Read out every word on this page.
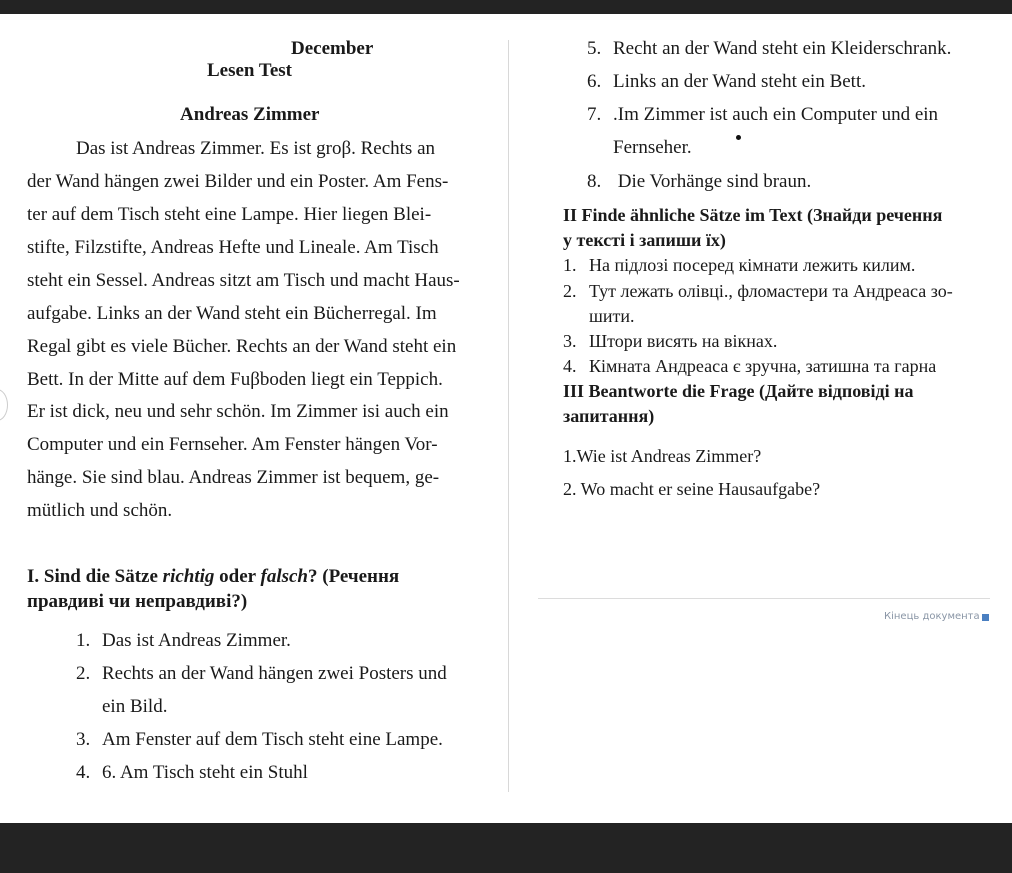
December
Lesen Test
Andreas Zimmer
Das ist Andreas Zimmer. Es ist groβ. Rechts an
der Wand hängen zwei Bilder und ein Poster. Am Fens-
ter auf dem Tisch steht eine Lampe. Hier liegen Blei-
stifte, Filzstifte, Andreas Hefte und Lineale. Am Tisch
steht ein Sessel. Andreas sitzt am Tisch und macht Haus-
aufgabe. Links an der Wand steht ein Bücherregal. Im
Regal gibt es viele Bücher. Rechts an der Wand steht ein
Bett. In der Mitte auf dem Fuβboden liegt ein Teppich.
Er ist dick, neu und sehr schön. Im Zimmer isi auch ein
Computer und ein Fernseher. Am Fenster hängen Vor-
hänge. Sie sind blau. Andreas Zimmer ist bequem, ge-
mütlich und schön.
I. Sind die Sätze richtig oder falsch? (Речення
правдиві чи неправдиві?)
1. Das ist Andreas Zimmer.
2. Rechts an der Wand hängen zwei Posters und
ein Bild.
3. Am Fenster auf dem Tisch steht eine Lampe.
4. 6. Am Tisch steht ein Stuhl
5. Recht an der Wand steht ein Kleiderschrank.
6. Links an der Wand steht ein Bett.
7. .Im Zimmer ist auch ein Computer und ein
Fernseher.
8. Die Vorhänge sind braun.
II Finde ähnliche Sätze im Text (Знайди речення
у тексті і запиши їх)
1. На підлозі посеред кімнати лежить килим.
2. Тут лежать олівці., фломастери та Андреаса зо-
шити.
3. Штори висять на вікнах.
4. Кімната Андреаса є зручна, затишна та гарна
III Beantworte die Frage (Дайте відповіді на
запитання)
1.Wie ist Andreas Zimmer?
2. Wo macht er seine Hausaufgabe?
Кінець документа
